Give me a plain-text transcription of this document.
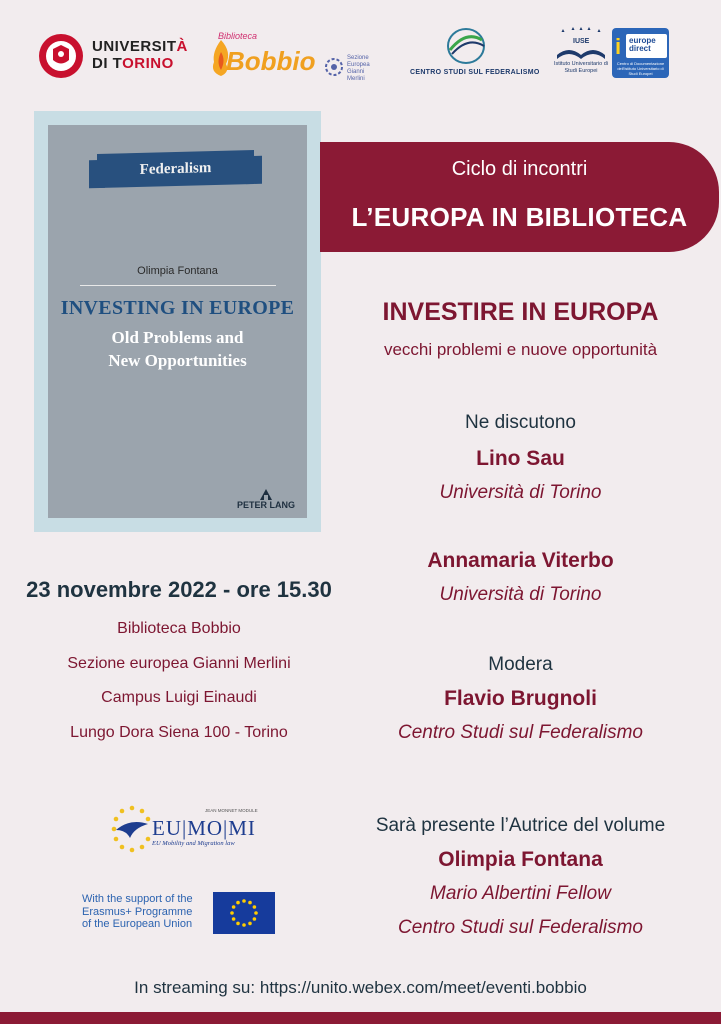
UNIVERSITÀ
DI TORINO
Biblioteca
Bobbio	Sezione
Europea
Gianni
Merlini
CENTRO STUDI SUL FEDERALISMO
IUSE
Istituto Universitario di Studi Europei
i europe
direct
Centro di Documentazione dell'Istituto Universitario di Studi Europei
Federalism
Olimpia Fontana
INVESTING IN EUROPE
Old Problems and
New Opportunities
PETER LANG
Ciclo di incontri
L’EUROPA IN BIBLIOTECA
INVESTIRE IN EUROPA
vecchi problemi e nuove opportunità
Ne discutono
Lino Sau
Università di Torino
Annamaria Viterbo
Università di Torino
Modera
Flavio Brugnoli
Centro Studi sul Federalismo
Sarà presente l’Autrice del volume
Olimpia Fontana
Mario Albertini Fellow
Centro Studi sul Federalismo
23 novembre 2022 - ore 15.30
Biblioteca Bobbio
Sezione europea Gianni Merlini
Campus Luigi Einaudi
Lungo Dora Siena 100 - Torino
JEAN MONNET MODULE
EU|MO|MI
EU Mobility and Migration law
With the support of the
Erasmus+ Programme
of the European Union
In streaming su: https://unito.webex.com/meet/eventi.bobbio
